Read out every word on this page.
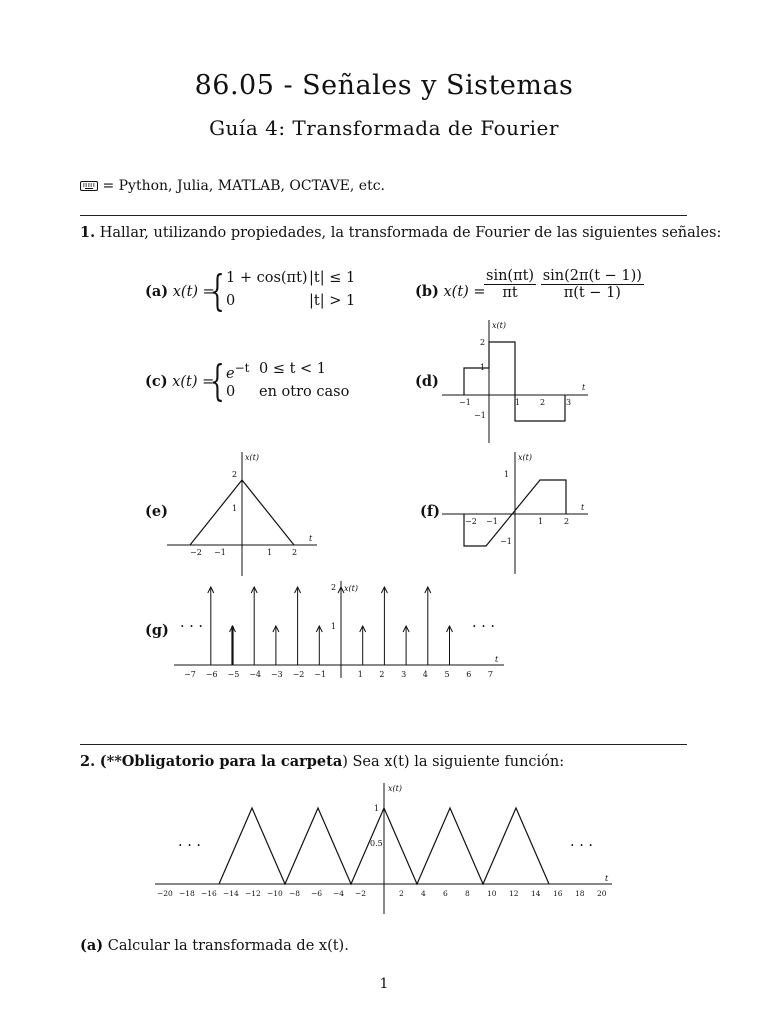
86.05 - Señales y Sistemas
Guía 4: Transformada de Fourier
= Python, Julia, MATLAB, OCTAVE, etc.
1. Hallar, utilizando propiedades, la transformada de Fourier de las siguientes señales:
(a) x(t) =
{ 1 + cos(πt) |t| ≤ 1
0	|t| > 1
(b) x(t) =
$\frac{\sin(\pi t)}{\pi t}$
$\frac{\sin(2\pi(t - 1))}{\pi(t - 1)}$
(c) x(t) =
{ $e^{-t}$ 0 ≤ t < 1
0 en otro caso
(d)
x(t)
t
−1	1 2	3
2
1
−1
(e)
x(t)
t
−2 −1	1 2
2
1	(f)
x(t)
t
−2 −1	1	2
1
−1
(g) · · ·	· · ·
x(t)
t
2
1
−7 −6 −5 −4 −3 −2 −1	1 2 3 4 5 6 7
2. (**Obligatorio para la carpeta) Sea x(t) la siguiente función:
· · ·	· · ·
x(t)
t
1
0.5
−20 −18 −16 −14 −12 −10 −8 −6 −4 −2	2 4 6 8 10 12 14 16 18 20
(a) Calcular la transformada de x(t).
1
